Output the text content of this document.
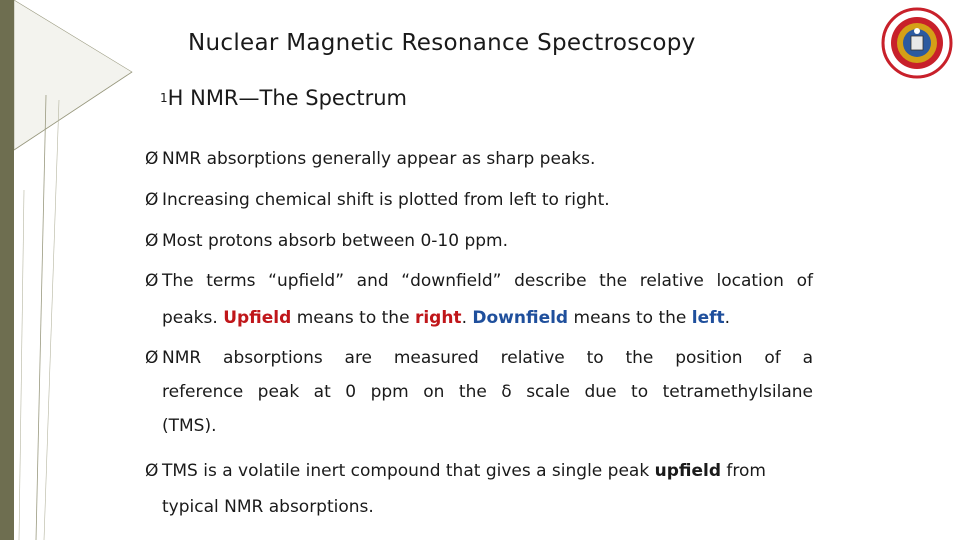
Nuclear Magnetic Resonance Spectroscopy
$^1$H NMR—The Spectrum
Ø NMR absorptions generally appear as sharp peaks.
Ø Increasing chemical shift is plotted from left to right.
Ø Most protons absorb between 0-10 ppm.
Ø The terms “upfield” and “downfield” describe the relative location of
peaks. Upfield means to the right. Downfield means to the left.
Ø NMR absorptions are measured relative to the position of a
reference peak at 0 ppm on the δ scale due to tetramethylsilane
(TMS).
Ø TMS is a volatile inert compound that gives a single peak upfield from
typical NMR absorptions.
